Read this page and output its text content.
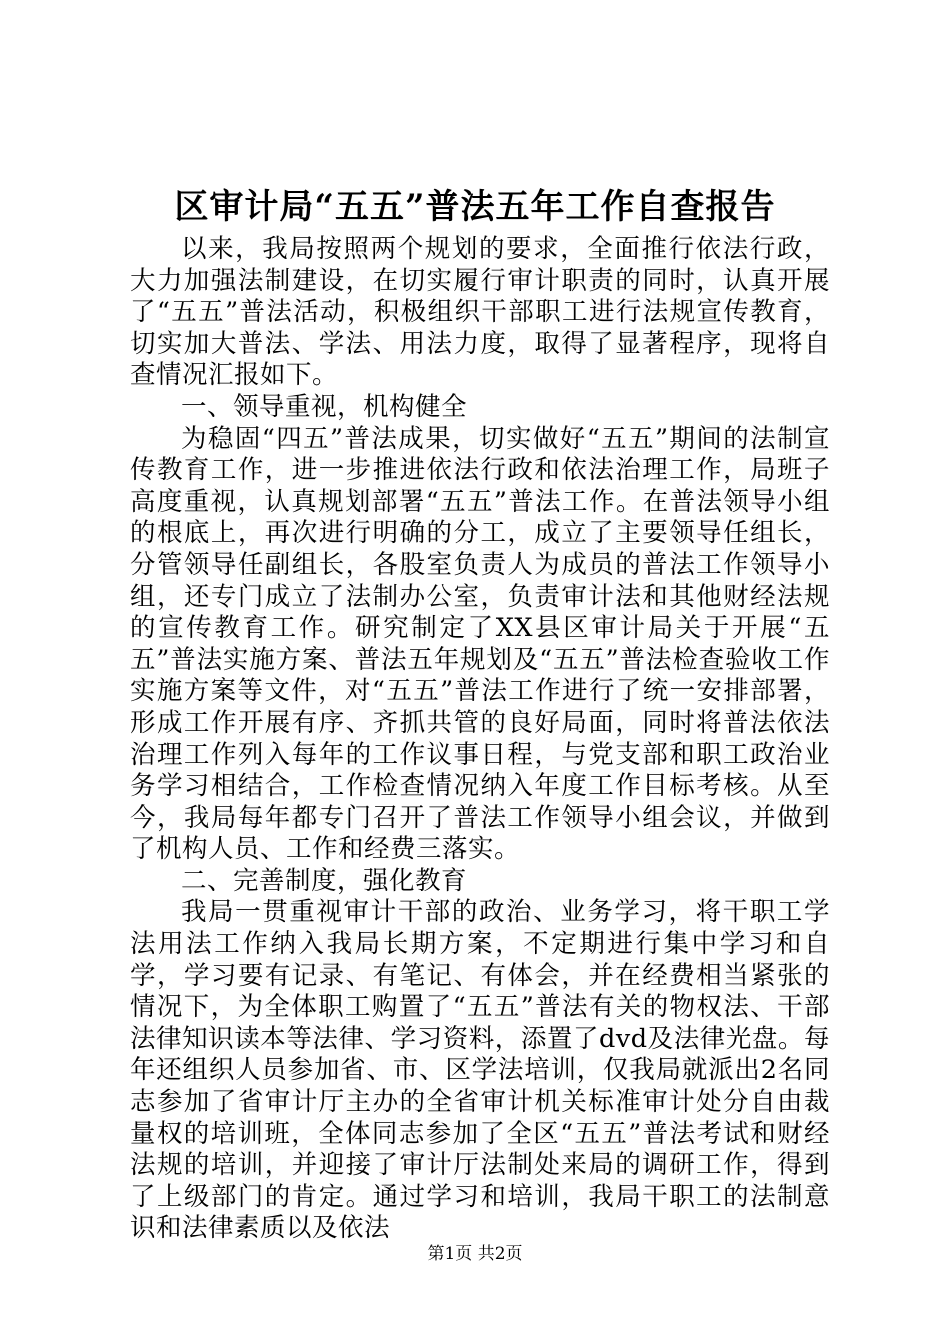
区审计局“五五”普法五年工作自查报告

以来，我局按照两个规划的要求，全面推行依法行政，大力加强法制建设，在切实履行审计职责的同时，认真开展了“五五”普法活动，积极组织干部职工进行法规宣传教育，切实加大普法、学法、用法力度，取得了显著程序，现将自查情况汇报如下。

一、领导重视，机构健全

为稳固“四五”普法成果，切实做好“五五”期间的法制宣传教育工作，进一步推进依法行政和依法治理工作，局班子高度重视，认真规划部署“五五”普法工作。在普法领导小组的根底上，再次进行明确的分工，成立了主要领导任组长，分管领导任副组长，各股室负责人为成员的普法工作领导小组，还专门成立了法制办公室，负责审计法和其他财经法规的宣传教育工作。研究制定了XX县区审计局关于开展“五五”普法实施方案、普法五年规划及“五五”普法检查验收工作实施方案等文件，对“五五”普法工作进行了统一安排部署，形成工作开展有序、齐抓共管的良好局面，同时将普法依法治理工作列入每年的工作议事日程，与党支部和职工政治业务学习相结合，工作检查情况纳入年度工作目标考核。从至今，我局每年都专门召开了普法工作领导小组会议，并做到了机构人员、工作和经费三落实。

二、完善制度，强化教育

我局一贯重视审计干部的政治、业务学习，将干职工学法用法工作纳入我局长期方案，不定期进行集中学习和自学，学习要有记录、有笔记、有体会，并在经费相当紧张的情况下，为全体职工购置了“五五”普法有关的物权法、干部法律知识读本等法律、学习资料，添置了dvd及法律光盘。每年还组织人员参加省、市、区学法培训，仅我局就派出2名同志参加了省审计厅主办的全省审计机关标准审计处分自由裁量权的培训班，全体同志参加了全区“五五”普法考试和财经法规的培训，并迎接了审计厅法制处来局的调研工作，得到了上级部门的肯定。通过学习和培训，我局干职工的法制意识和法律素质以及依法

第1页 共2页
